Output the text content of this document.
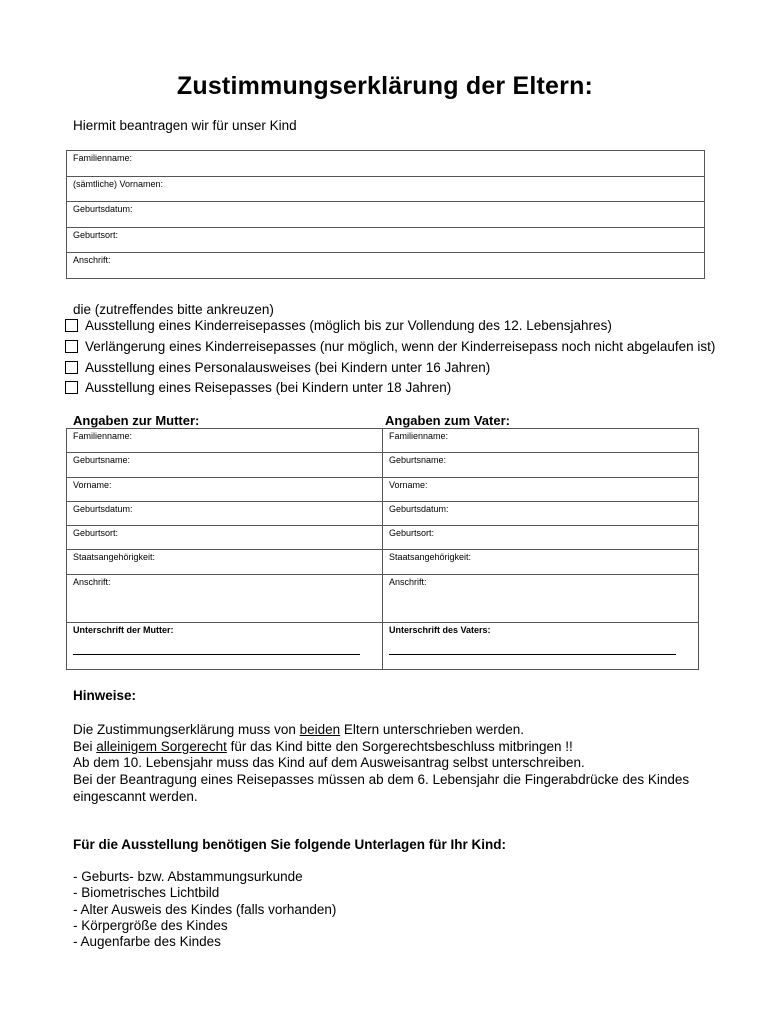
Zustimmungserklärung der Eltern:
Hiermit beantragen wir für unser Kind
Familienname:
(sämtliche) Vornamen:
Geburtsdatum:
Geburtsort:
Anschrift:
die (zutreffendes bitte ankreuzen)
Ausstellung eines Kinderreisepasses (möglich bis zur Vollendung des 12. Lebensjahres)
Verlängerung eines Kinderreisepasses (nur möglich, wenn der Kinderreisepass noch nicht abgelaufen ist)
Ausstellung eines Personalausweises (bei Kindern unter 16 Jahren)
Ausstellung eines Reisepasses (bei Kindern unter 18 Jahren)
Angaben zur Mutter:	Angaben zum Vater:
Familienname:	Familienname:
Geburtsname:	Geburtsname:
Vorname:	Vorname:
Geburtsdatum:	Geburtsdatum:
Geburtsort:	Geburtsort:
Staatsangehörigkeit:	Staatsangehörigkeit:
Anschrift:	Anschrift:
Unterschrift der Mutter:	Unterschrift des Vaters:
Hinweise:
Die Zustimmungserklärung muss von beiden Eltern unterschrieben werden.
Bei alleinigem Sorgerecht für das Kind bitte den Sorgerechtsbeschluss mitbringen !!
Ab dem 10. Lebensjahr muss das Kind auf dem Ausweisantrag selbst unterschreiben.
Bei der Beantragung eines Reisepasses müssen ab dem 6. Lebensjahr die Fingerabdrücke des Kindes
eingescannt werden.
Für die Ausstellung benötigen Sie folgende Unterlagen für Ihr Kind:
- Geburts- bzw. Abstammungsurkunde
- Biometrisches Lichtbild
- Alter Ausweis des Kindes (falls vorhanden)
- Körpergröße des Kindes
- Augenfarbe des Kindes
